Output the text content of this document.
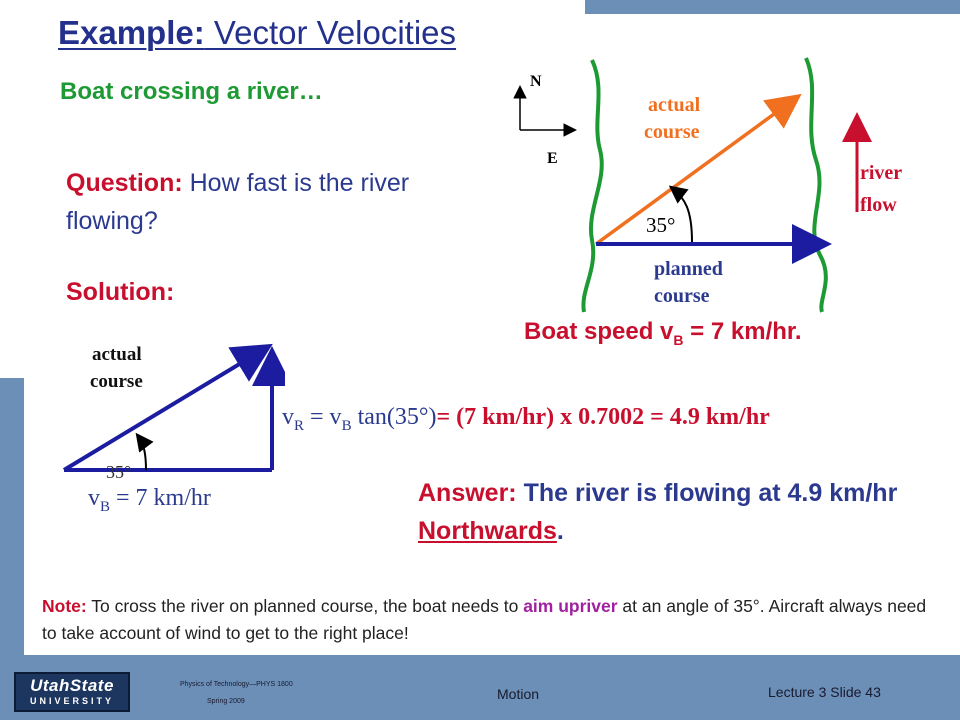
Example: Vector Velocities
Boat crossing a river…
Question: How fast is the river flowing?
Solution:
N
E
actual course
35°
planned course
river flow
Boat speed $v_B = 7$ km/hr.
actual course
35°
$v_B = 7$ km/hr
$v_R = v_B$ tan(35°)= (7 km/hr) x 0.7002 = 4.9 km/hr
Answer: The river is flowing at 4.9 km/hr Northwards.
Note: To cross the river on planned course, the boat needs to aim upriver at an angle of 35°. Aircraft always need to take account of wind to get to the right place!
UtahState
UNIVERSITY
Physics of Technology—PHYS 1800
Spring 2009	Motion	Lecture 3 Slide 43
